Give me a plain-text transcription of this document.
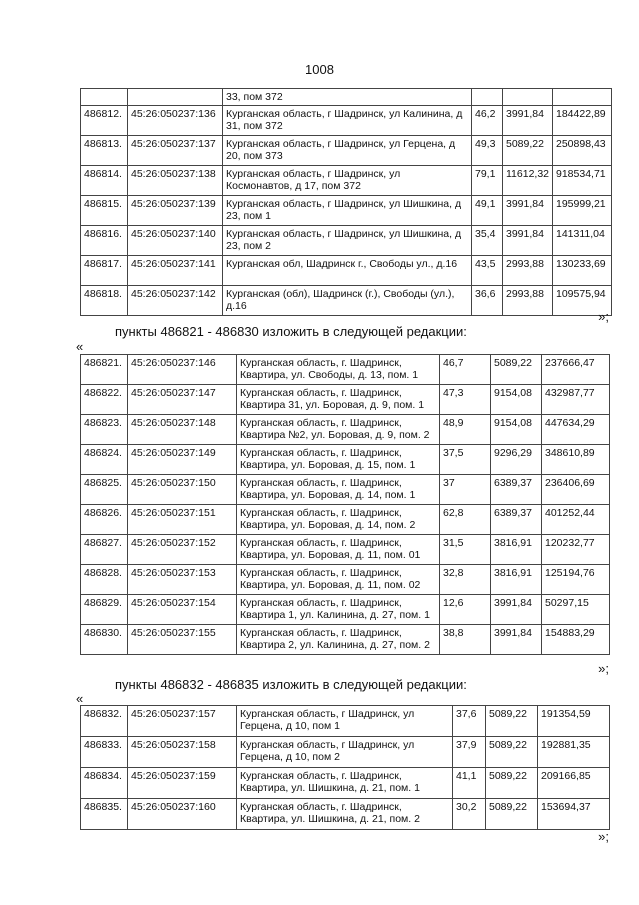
1008
		33, пом 372			
486812.	45:26:050237:136	Курганская область, г Шадринск, ул Калинина, д 31, пом 372	46,2	3991,84	184422,89
486813.	45:26:050237:137	Курганская область, г Шадринск, ул Герцена, д 20, пом 373	49,3	5089,22	250898,43
486814.	45:26:050237:138	Курганская область, г Шадринск, ул Космонавтов, д 17, пом 372	79,1	11612,32	918534,71
486815.	45:26:050237:139	Курганская область, г Шадринск, ул Шишкина, д 23, пом 1	49,1	3991,84	195999,21
486816.	45:26:050237:140	Курганская область, г Шадринск, ул Шишкина, д 23, пом 2	35,4	3991,84	141311,04
486817.	45:26:050237:141	Курганская обл, Шадринск г., Свободы ул., д.16	43,5	2993,88	130233,69
486818.	45:26:050237:142	Курганская (обл), Шадринск (г.), Свободы (ул.), д.16	36,6	2993,88	109575,94
»;
пункты 486821 - 486830 изложить в следующей редакции:
«
486821.	45:26:050237:146	Курганская область, г. Шадринск, Квартира, ул. Свободы, д. 13, пом. 1	46,7	5089,22	237666,47
486822.	45:26:050237:147	Курганская область, г. Шадринск, Квартира 31, ул. Боровая, д. 9, пом. 1	47,3	9154,08	432987,77
486823.	45:26:050237:148	Курганская область, г. Шадринск, Квартира №2, ул. Боровая, д. 9, пом. 2	48,9	9154,08	447634,29
486824.	45:26:050237:149	Курганская область, г. Шадринск, Квартира, ул. Боровая, д. 15, пом. 1	37,5	9296,29	348610,89
486825.	45:26:050237:150	Курганская область, г. Шадринск, Квартира, ул. Боровая, д. 14, пом. 1	37	6389,37	236406,69
486826.	45:26:050237:151	Курганская область, г. Шадринск, Квартира, ул. Боровая, д. 14, пом. 2	62,8	6389,37	401252,44
486827.	45:26:050237:152	Курганская область, г. Шадринск, Квартира, ул. Боровая, д. 11, пом. 01	31,5	3816,91	120232,77
486828.	45:26:050237:153	Курганская область, г. Шадринск, Квартира, ул. Боровая, д. 11, пом. 02	32,8	3816,91	125194,76
486829.	45:26:050237:154	Курганская область, г. Шадринск, Квартира 1, ул. Калинина, д. 27, пом. 1	12,6	3991,84	50297,15
486830.	45:26:050237:155	Курганская область, г. Шадринск, Квартира 2, ул. Калинина, д. 27, пом. 2	38,8	3991,84	154883,29
»;
пункты 486832 - 486835 изложить в следующей редакции:
«
486832.	45:26:050237:157	Курганская область, г Шадринск, ул Герцена, д 10, пом 1	37,6	5089,22	191354,59
486833.	45:26:050237:158	Курганская область, г Шадринск, ул Герцена, д 10, пом 2	37,9	5089,22	192881,35
486834.	45:26:050237:159	Курганская область, г. Шадринск, Квартира, ул. Шишкина, д. 21, пом. 1	41,1	5089,22	209166,85
486835.	45:26:050237:160	Курганская область, г. Шадринск, Квартира, ул. Шишкина, д. 21, пом. 2	30,2	5089,22	153694,37
»;
